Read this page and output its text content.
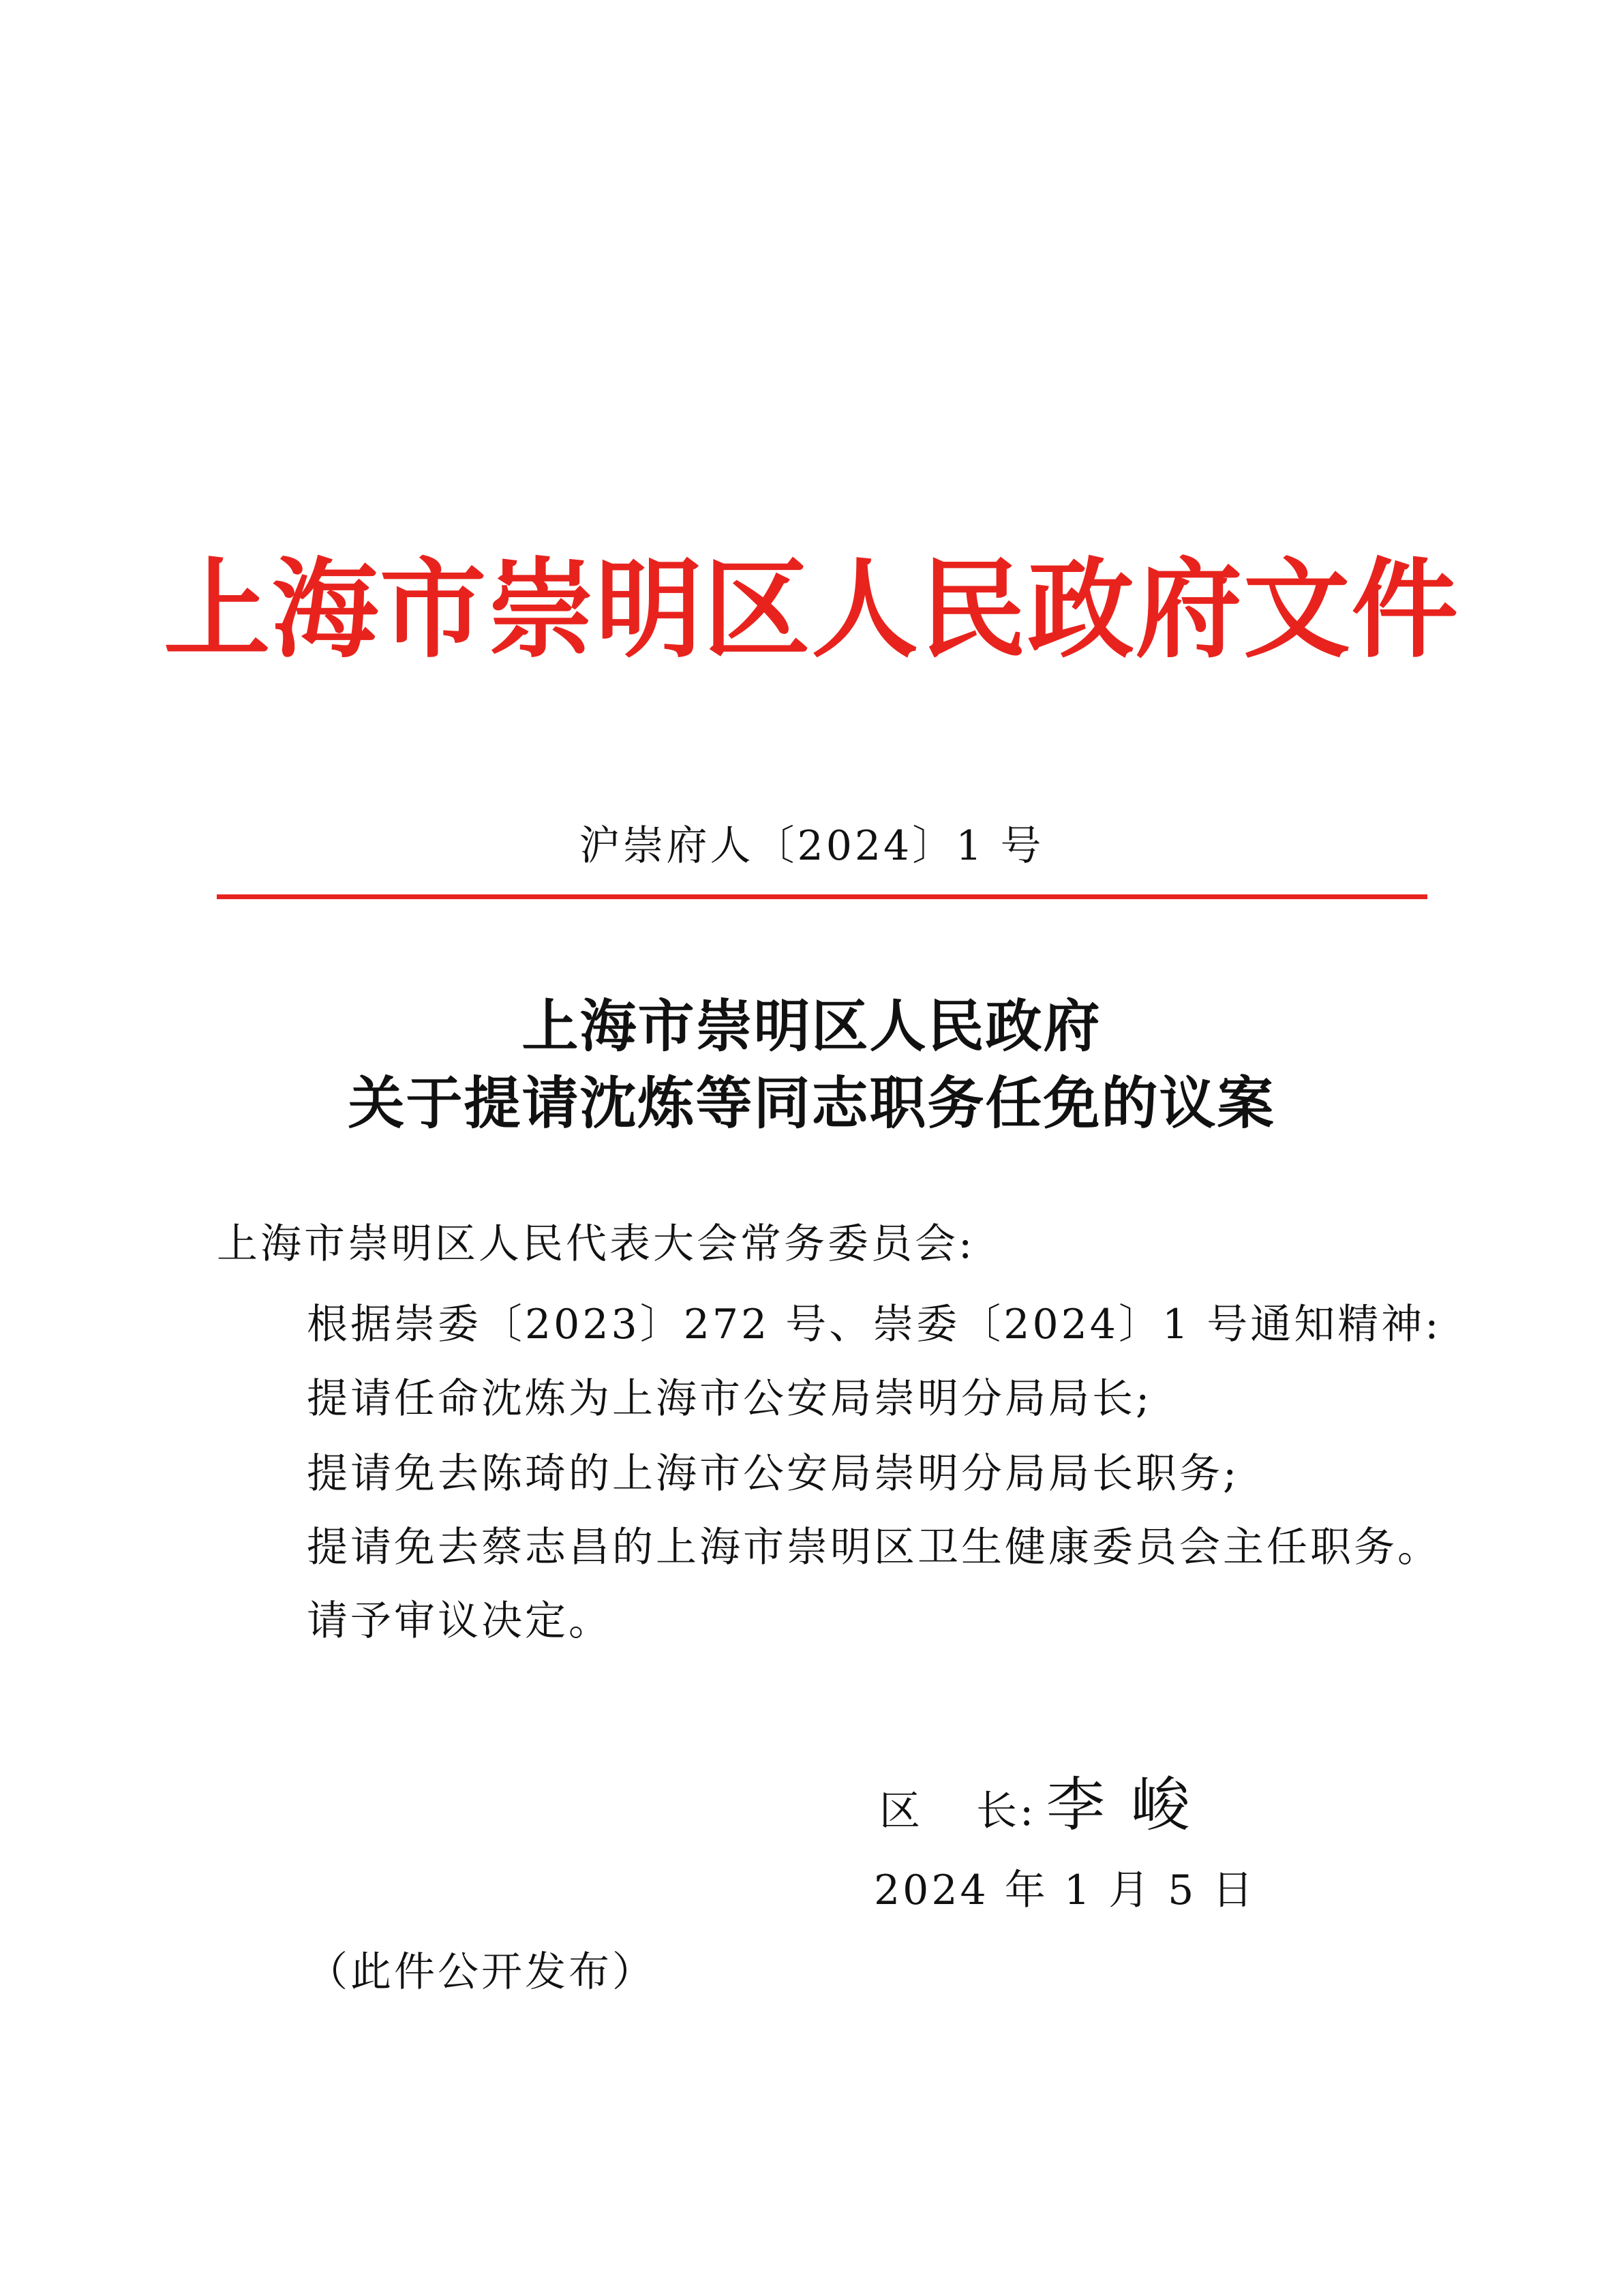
上海市崇明区人民政府文件
沪崇府人〔2024〕1 号
上海市崇明区人民政府
关于提请沈炼等同志职务任免的议案
上海市崇明区人民代表大会常务委员会:
根据崇委〔2023〕272 号、崇委〔2024〕1 号通知精神:
提请任命沈炼为上海市公安局崇明分局局长;
提请免去陈琦的上海市公安局崇明分局局长职务;
提请免去蔡志昌的上海市崇明区卫生健康委员会主任职务。
请予审议决定。
区 长: 李 峻
2024 年 1 月 5 日
（此件公开发布）
